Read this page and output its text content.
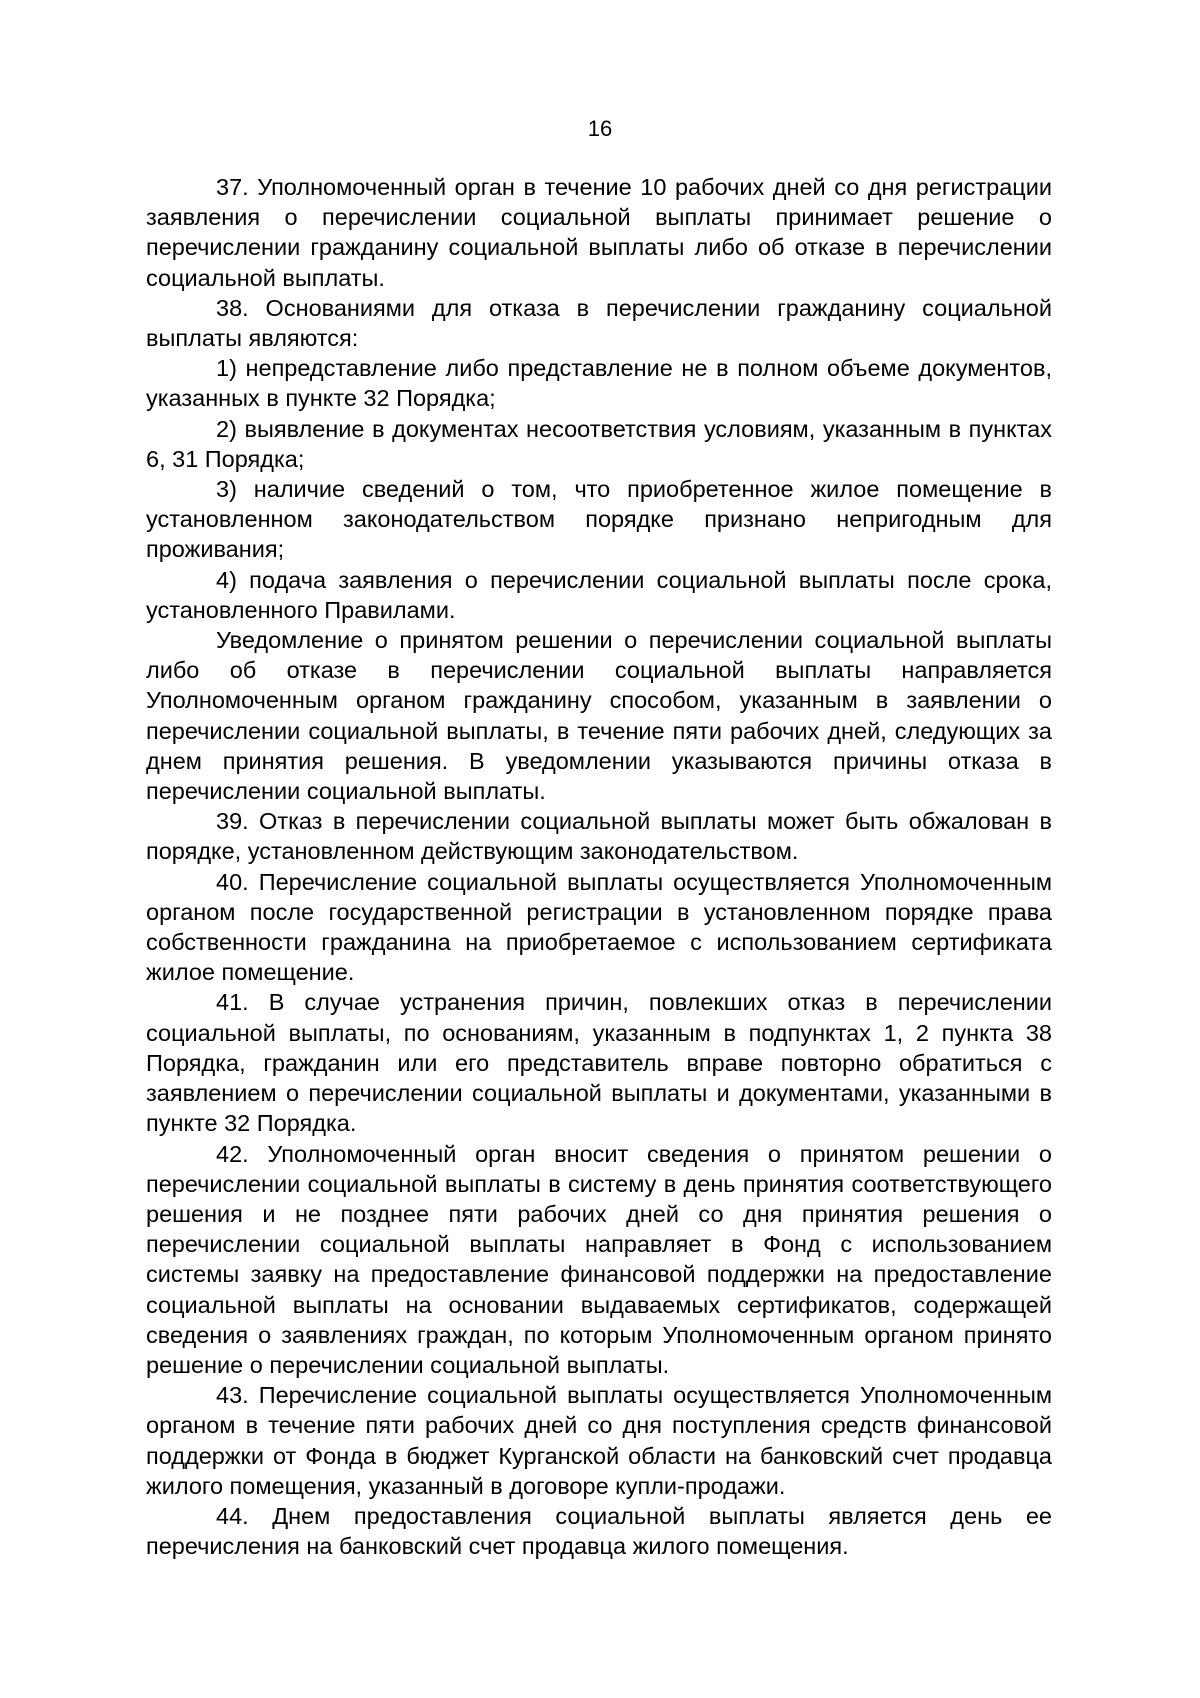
16

37. Уполномоченный орган в течение 10 рабочих дней со дня регистрации заявления о перечислении социальной выплаты принимает решение о перечислении гражданину социальной выплаты либо об отказе в перечислении социальной выплаты.

38. Основаниями для отказа в перечислении гражданину социальной выплаты являются:

1) непредставление либо представление не в полном объеме документов, указанных в пункте 32 Порядка;

2) выявление в документах несоответствия условиям, указанным в пунктах 6, 31 Порядка;

3) наличие сведений о том, что приобретенное жилое помещение в установленном законодательством порядке признано непригодным для проживания;

4) подача заявления о перечислении социальной выплаты после срока, установленного Правилами.

Уведомление о принятом решении о перечислении социальной выплаты либо об отказе в перечислении социальной выплаты направляется Уполномоченным органом гражданину способом, указанным в заявлении о перечислении социальной выплаты, в течение пяти рабочих дней, следующих за днем принятия решения. В уведомлении указываются причины отказа в перечислении социальной выплаты.

39. Отказ в перечислении социальной выплаты может быть обжалован в порядке, установленном действующим законодательством.

40. Перечисление социальной выплаты осуществляется Уполномоченным органом после государственной регистрации в установленном порядке права собственности гражданина на приобретаемое с использованием сертификата жилое помещение.

41. В случае устранения причин, повлекших отказ в перечислении социальной выплаты, по основаниям, указанным в подпунктах 1, 2 пункта 38 Порядка, гражданин или его представитель вправе повторно обратиться с заявлением о перечислении социальной выплаты и документами, указанными в пункте 32 Порядка.

42. Уполномоченный орган вносит сведения о принятом решении о перечислении социальной выплаты в систему в день принятия соответствующего решения и не позднее пяти рабочих дней со дня принятия решения о перечислении социальной выплаты направляет в Фонд с использованием системы заявку на предоставление финансовой поддержки на предоставление социальной выплаты на основании выдаваемых сертификатов, содержащей сведения о заявлениях граждан, по которым Уполномоченным органом принято решение о перечислении социальной выплаты.

43. Перечисление социальной выплаты осуществляется Уполномоченным органом в течение пяти рабочих дней со дня поступления средств финансовой поддержки от Фонда в бюджет Курганской области на банковский счет продавца жилого помещения, указанный в договоре купли-продажи.

44. Днем предоставления социальной выплаты является день ее перечисления на банковский счет продавца жилого помещения.
